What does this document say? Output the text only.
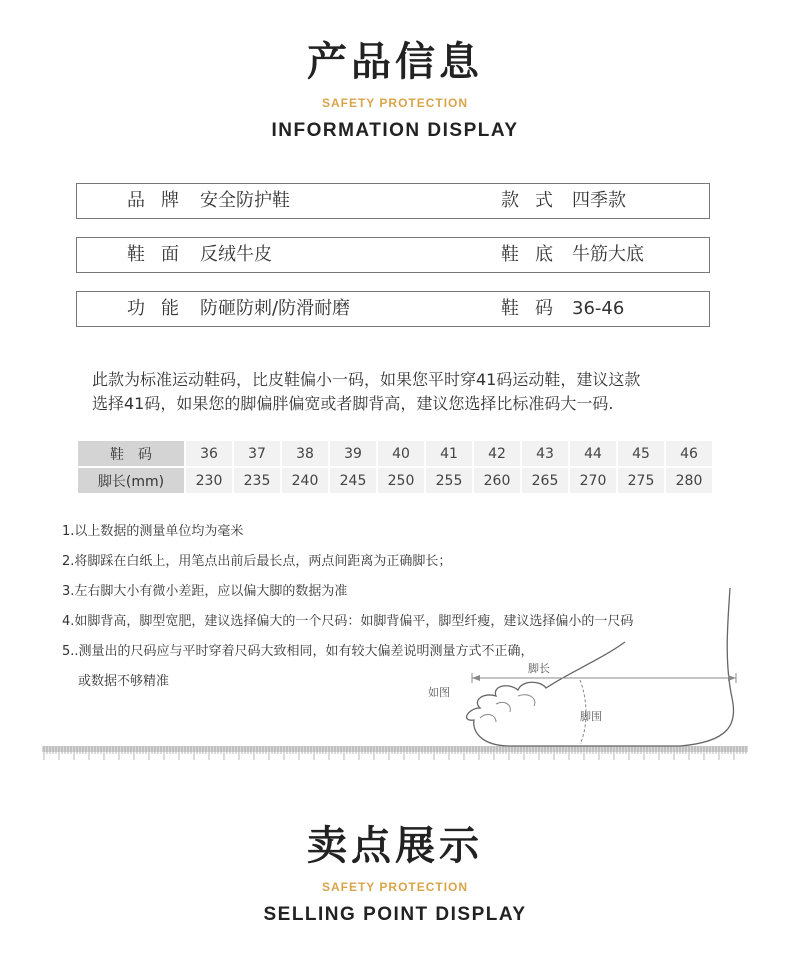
产品信息
SAFETY PROTECTION
INFORMATION DISPLAY
品牌 安全防护鞋	款式 四季款
鞋面 反绒牛皮	鞋底 牛筋大底
功能 防砸防刺/防滑耐磨	鞋码 36-46
此款为标准运动鞋码，比皮鞋偏小一码，如果您平时穿41码运动鞋，建议这款
选择41码，如果您的脚偏胖偏宽或者脚背高，建议您选择比标准码大一码.
鞋　码	36	37	38	39	40	41	42	43	44	45	46
脚长(mm)	230	235	240	245	250	255	260	265	270	275	280
脚长
如图
脚围
1.以上数据的测量单位均为毫米
2.将脚踩在白纸上，用笔点出前后最长点，两点间距离为正确脚长；
3.左右脚大小有微小差距，应以偏大脚的数据为准
4.如脚背高，脚型宽肥，建议选择偏大的一个尺码：如脚背偏平，脚型纤瘦，建议选择偏小的一尺码
5..测量出的尺码应与平时穿着尺码大致相同，如有较大偏差说明测量方式不正确，
或数据不够精准
卖点展示
SAFETY PROTECTION
SELLING POINT DISPLAY
